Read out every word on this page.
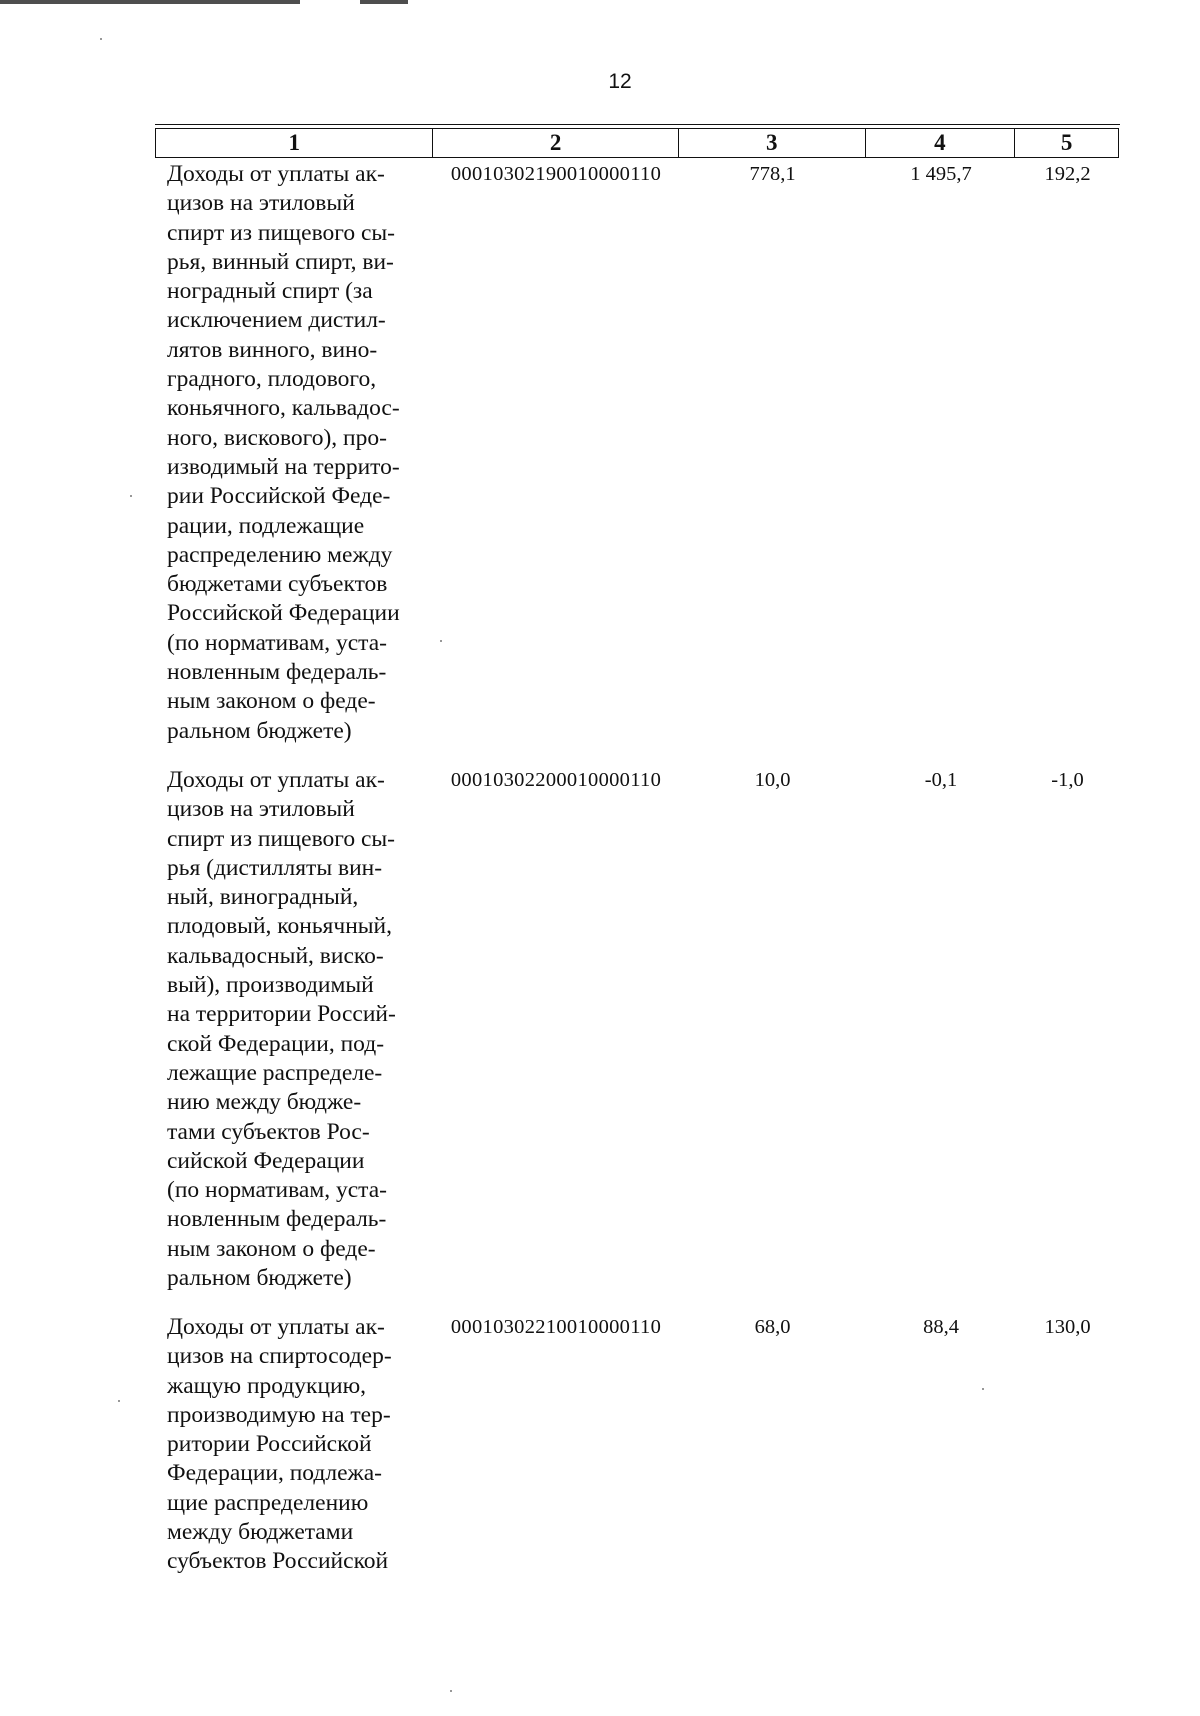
12
1	2	3	4	5
Доходы от уплаты ак-
цизов на этиловый
спирт из пищевого сы-
рья, винный спирт, ви-
ноградный спирт (за
исключением дистил-
лятов винного, вино-
градного, плодового,
коньячного, кальвадос-
ного, вискового), про-
изводимый на террито-
рии Российской Феде-
рации, подлежащие
распределению между
бюджетами субъектов
Российской Федерации
(по нормативам, уста-
новленным федераль-
ным законом о феде-
ральном бюджете)
00010302190010000110	778,1	1 495,7	192,2
Доходы от уплаты ак-
цизов на этиловый
спирт из пищевого сы-
рья (дистилляты вин-
ный, виноградный,
плодовый, коньячный,
кальвадосный, виско-
вый), производимый
на территории Россий-
ской Федерации, под-
лежащие распределе-
нию между бюдже-
тами субъектов Рос-
сийской Федерации
(по нормативам, уста-
новленным федераль-
ным законом о феде-
ральном бюджете)
00010302200010000110	10,0	-0,1	-1,0
Доходы от уплаты ак-
цизов на спиртосодер-
жащую продукцию,
производимую на тер-
ритории Российской
Федерации, подлежа-
щие распределению
между бюджетами
субъектов Российской
00010302210010000110	68,0	88,4	130,0
